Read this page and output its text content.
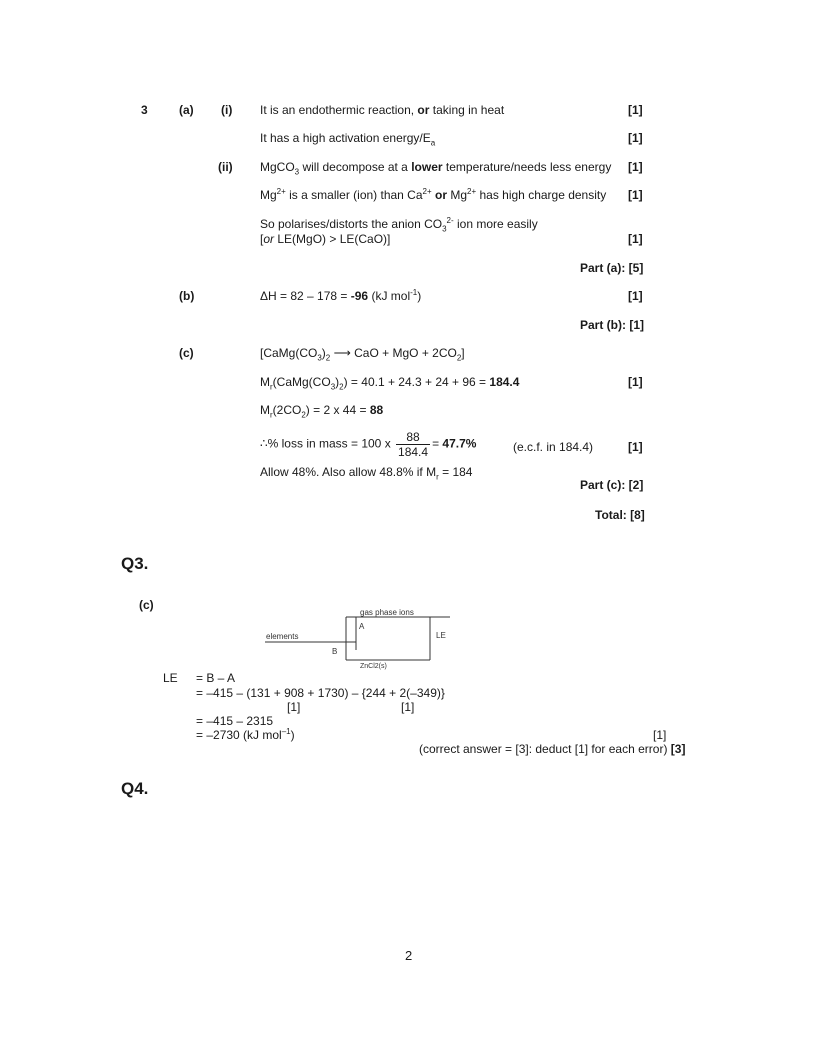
3	(a) (i) It is an endothermic reaction, or taking in heat	[1]
It has a high activation energy/$E_a$	[1]
(ii) MgCO$_3$ will decompose at a lower temperature/needs less energy [1]
$Mg^{2+}$ is a smaller (ion) than $Ca^{2+}$ or $Mg^{2+}$ has high charge density [1]
So polarises/distorts the anion $CO_3^{2-}$ ion more easily
[or LE(MgO) > LE(CaO)]	[1]
Part (a): [5]
(b)	ΔH = 82 – 178 = -96 (kJ mol$^{-1}$)	[1]
Part (b): [1]
(c)	[$CaMg(CO_3)_2$ ⟶ CaO + MgO + $2CO_2$]
$M_r(CaMg(CO_3)_2) = 40.1 + 24.3 + 24 + 96 = 184.4$	[1]
$M_r(2CO_2) = 2$ x 44 = 88
∴% loss in mass = 100 x $\frac{88}{184.4} = 47.7\%$	(e.c.f. in 184.4)	[1]
Allow 48%. Also allow 48.8% if $M_r = 184$
Part (c): [2]
Total: [8]
Q3.
(c)
gas phase ions
A
LE
elements
B
ZnCl2(s)
LE = B – A
= –415 – (131 + 908 + 1730) – {244 + 2(–349)}
[1]	[1]
= –415 – 2315
= –2730 (kJ mol$^{-1}$)	[1]
(correct answer = [3]: deduct [1] for each error) [3]
Q4.
2
